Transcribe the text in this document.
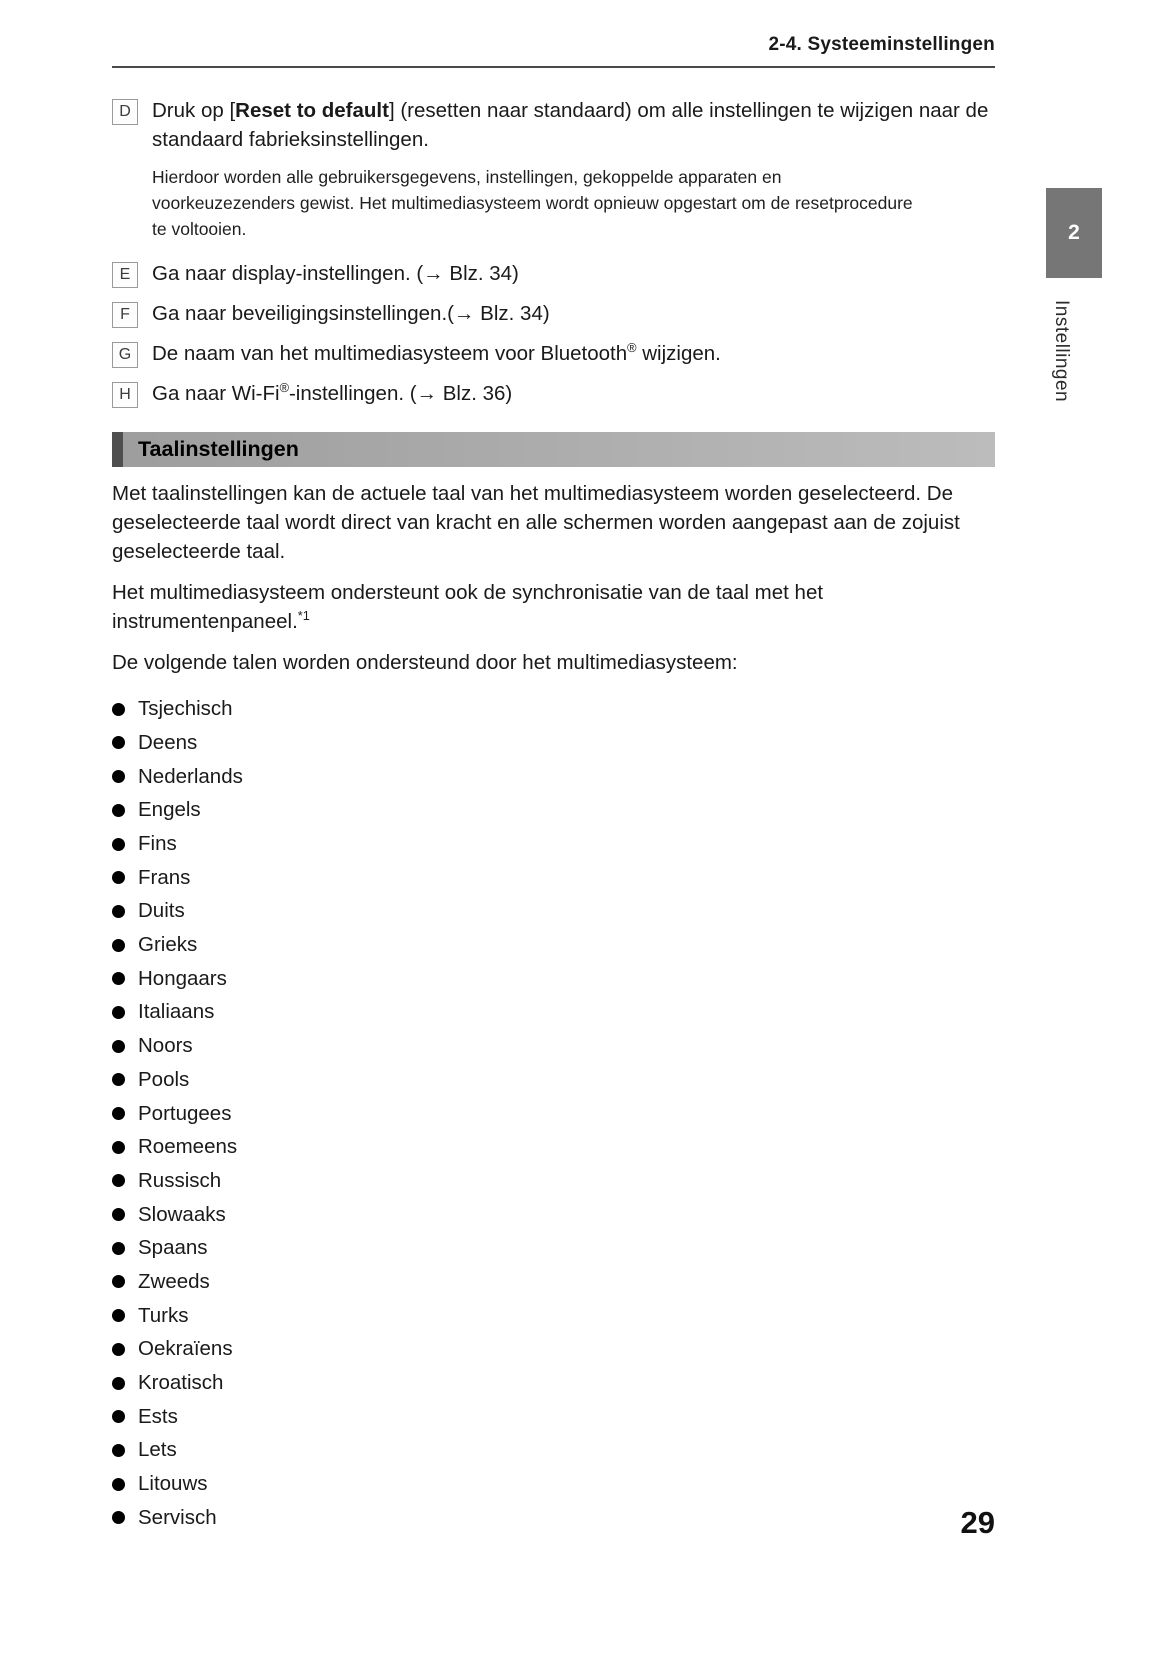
2-4. Systeeminstellingen
D	Druk op [Reset to default] (resetten naar standaard) om alle instellingen te wijzigen naar de standaard fabrieksinstellingen.

Hierdoor worden alle gebruikersgegevens, instellingen, gekoppelde apparaten en voorkeuzezenders gewist. Het multimediasysteem wordt opnieuw opgestart om de resetprocedure te voltooien.

E	Ga naar display-instellingen. (→ Blz. 34)
F	Ga naar beveiligingsinstellingen.(→ Blz. 34)
G	De naam van het multimediasysteem voor Bluetooth® wijzigen.
H	Ga naar Wi-Fi®-instellingen. (→ Blz. 36)
Taalinstellingen

Met taalinstellingen kan de actuele taal van het multimediasysteem worden geselecteerd. De geselecteerde taal wordt direct van kracht en alle schermen worden aangepast aan de zojuist geselecteerde taal.

Het multimediasysteem ondersteunt ook de synchronisatie van de taal met het instrumentenpaneel.$^{*1}$

De volgende talen worden ondersteund door het multimediasysteem:

Tsjechisch
Deens
Nederlands
Engels
Fins
Frans
Duits
Grieks
Hongaars
Italiaans
Noors
Pools
Portugees
Roemeens
Russisch
Slowaaks
Spaans
Zweeds
Turks
Oekraïens
Kroatisch
Ests
Lets
Litouws
Servisch
2
Instellingen
29
